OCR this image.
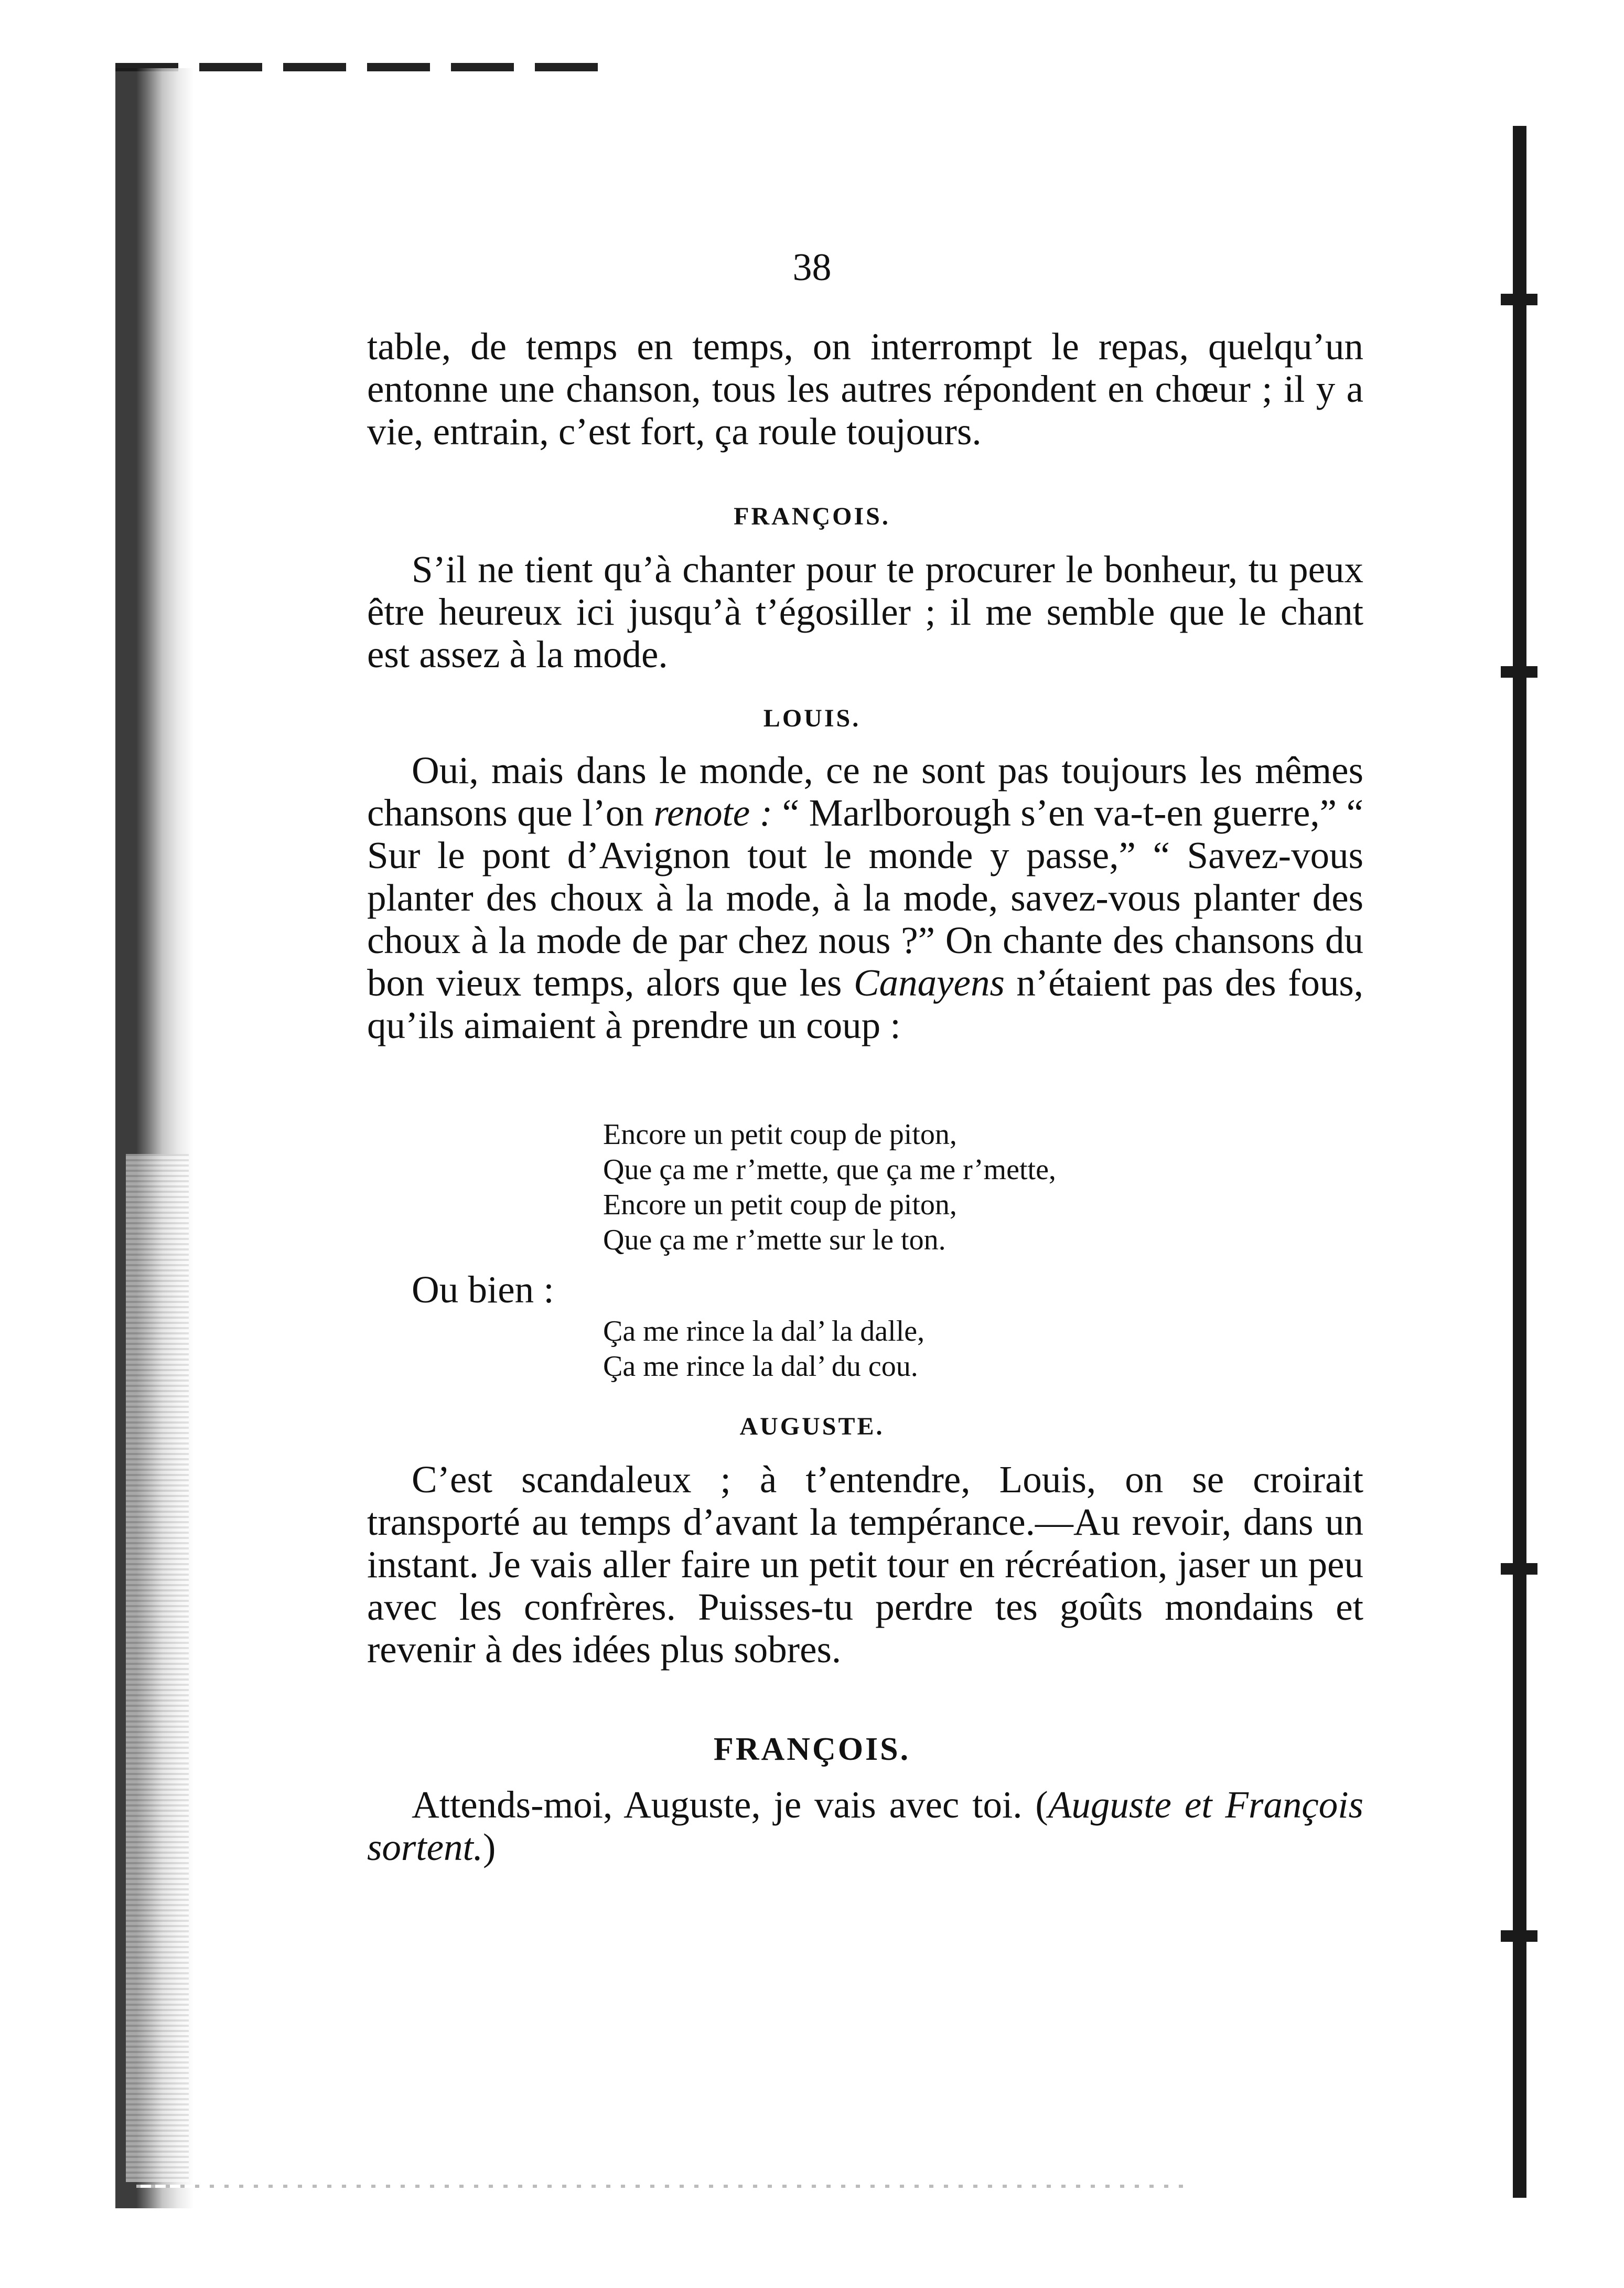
38

table, de temps en temps, on interrompt le repas, quelqu’un entonne une chanson, tous les autres répondent en chœur ; il y a vie, entrain, c’est fort, ça roule toujours.

FRANÇOIS.

S’il ne tient qu’à chanter pour te procurer le bonheur, tu peux être heureux ici jusqu’à t’égosiller ; il me semble que le chant est assez à la mode.

LOUIS.

Oui, mais dans le monde, ce ne sont pas toujours les mêmes chansons que l’on renote : “ Marlborough s’en va-t-en guerre,” “ Sur le pont d’Avignon tout le monde y passe,” “ Savez-vous planter des choux à la mode, à la mode, savez-vous planter des choux à la mode de par chez nous ?” On chante des chansons du bon vieux temps, alors que les Canayens n’étaient pas des fous, qu’ils aimaient à prendre un coup :

Encore un petit coup de piton,
Que ça me r’mette, que ça me r’mette,
Encore un petit coup de piton,
Que ça me r’mette sur le ton.
Ou bien :
Ça me rince la dal’ la dalle,
Ça me rince la dal’ du cou.
AUGUSTE.

C’est scandaleux ; à t’entendre, Louis, on se croirait transporté au temps d’avant la tempérance.—Au revoir, dans un instant. Je vais aller faire un petit tour en récréation, jaser un peu avec les confrères. Puisses-tu perdre tes goûts mondains et revenir à des idées plus sobres.

FRANÇOIS.

Attends-moi, Auguste, je vais avec toi. (Auguste et François sortent.)
